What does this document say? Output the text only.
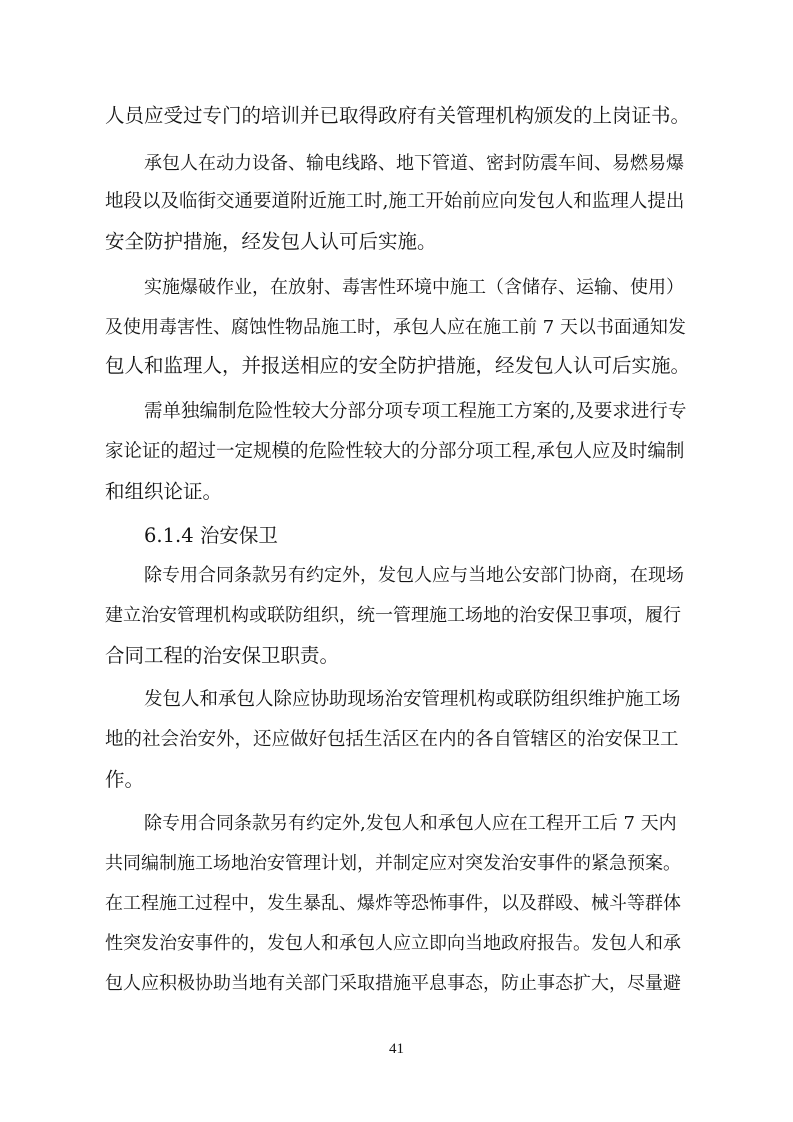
人员应受过专门的培训并已取得政府有关管理机构颁发的上岗证书。
承包人在动力设备、输电线路、地下管道、密封防震车间、易燃易爆
地段以及临街交通要道附近施工时,施工开始前应向发包人和监理人提出
安全防护措施，经发包人认可后实施。
实施爆破作业，在放射、毒害性环境中施工（含储存、运输、使用）
及使用毒害性、腐蚀性物品施工时，承包人应在施工前 7 天以书面通知发
包人和监理人，并报送相应的安全防护措施，经发包人认可后实施。
需单独编制危险性较大分部分项专项工程施工方案的,及要求进行专
家论证的超过一定规模的危险性较大的分部分项工程,承包人应及时编制
和组织论证。
6.1.4 治安保卫
除专用合同条款另有约定外，发包人应与当地公安部门协商，在现场
建立治安管理机构或联防组织，统一管理施工场地的治安保卫事项，履行
合同工程的治安保卫职责。
发包人和承包人除应协助现场治安管理机构或联防组织维护施工场
地的社会治安外，还应做好包括生活区在内的各自管辖区的治安保卫工
作。
除专用合同条款另有约定外,发包人和承包人应在工程开工后 7 天内
共同编制施工场地治安管理计划，并制定应对突发治安事件的紧急预案。
在工程施工过程中，发生暴乱、爆炸等恐怖事件，以及群殴、械斗等群体
性突发治安事件的，发包人和承包人应立即向当地政府报告。发包人和承
包人应积极协助当地有关部门采取措施平息事态，防止事态扩大，尽量避
41
